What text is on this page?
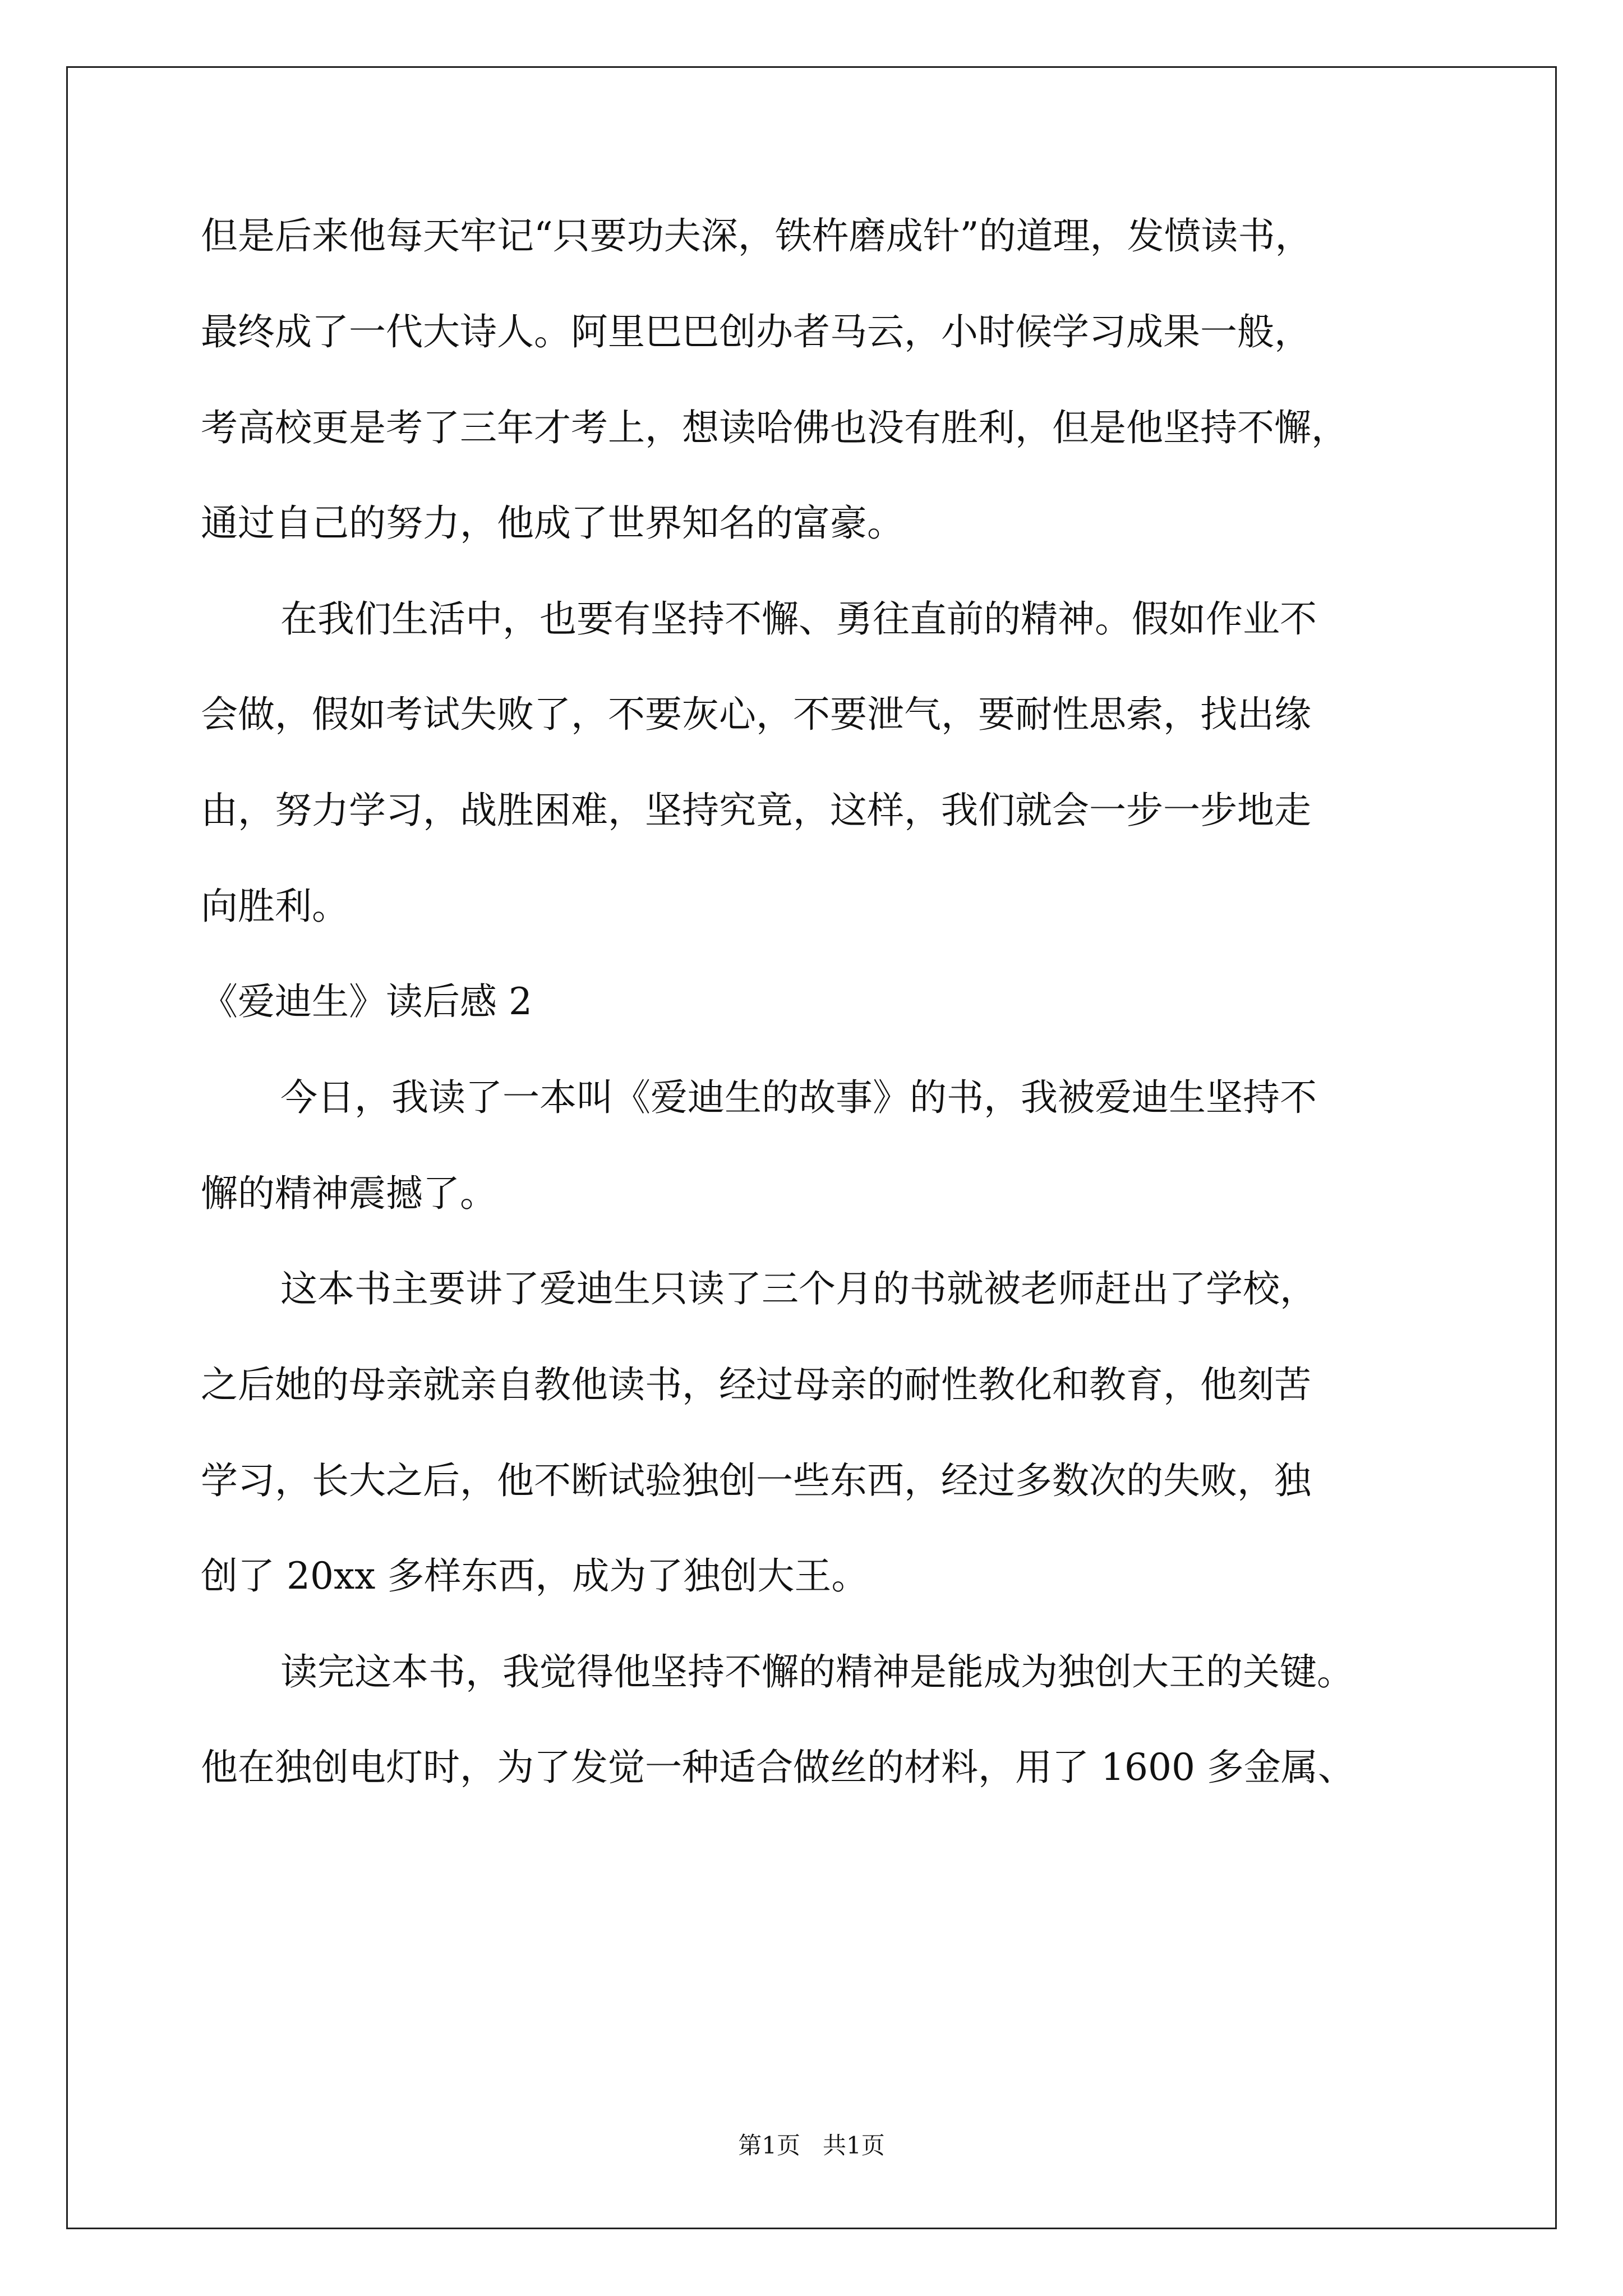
但是后来他每天牢记“只要功夫深，铁杵磨成针”的道理，发愤读书，
最终成了一代大诗人。阿里巴巴创办者马云，小时候学习成果一般，
考高校更是考了三年才考上，想读哈佛也没有胜利，但是他坚持不懈，
通过自己的努力，他成了世界知名的富豪。
在我们生活中，也要有坚持不懈、勇往直前的精神。假如作业不
会做，假如考试失败了，不要灰心，不要泄气，要耐性思索，找出缘
由，努力学习，战胜困难，坚持究竟，这样，我们就会一步一步地走
向胜利。
《爱迪生》读后感 2
今日，我读了一本叫《爱迪生的故事》的书，我被爱迪生坚持不
懈的精神震撼了。
这本书主要讲了爱迪生只读了三个月的书就被老师赶出了学校，
之后她的母亲就亲自教他读书，经过母亲的耐性教化和教育，他刻苦
学习，长大之后，他不断试验独创一些东西，经过多数次的失败，独
创了 20xx 多样东西，成为了独创大王。
读完这本书，我觉得他坚持不懈的精神是能成为独创大王的关键。
他在独创电灯时，为了发觉一种适合做丝的材料，用了 1600 多金属、
第1页   共1页
